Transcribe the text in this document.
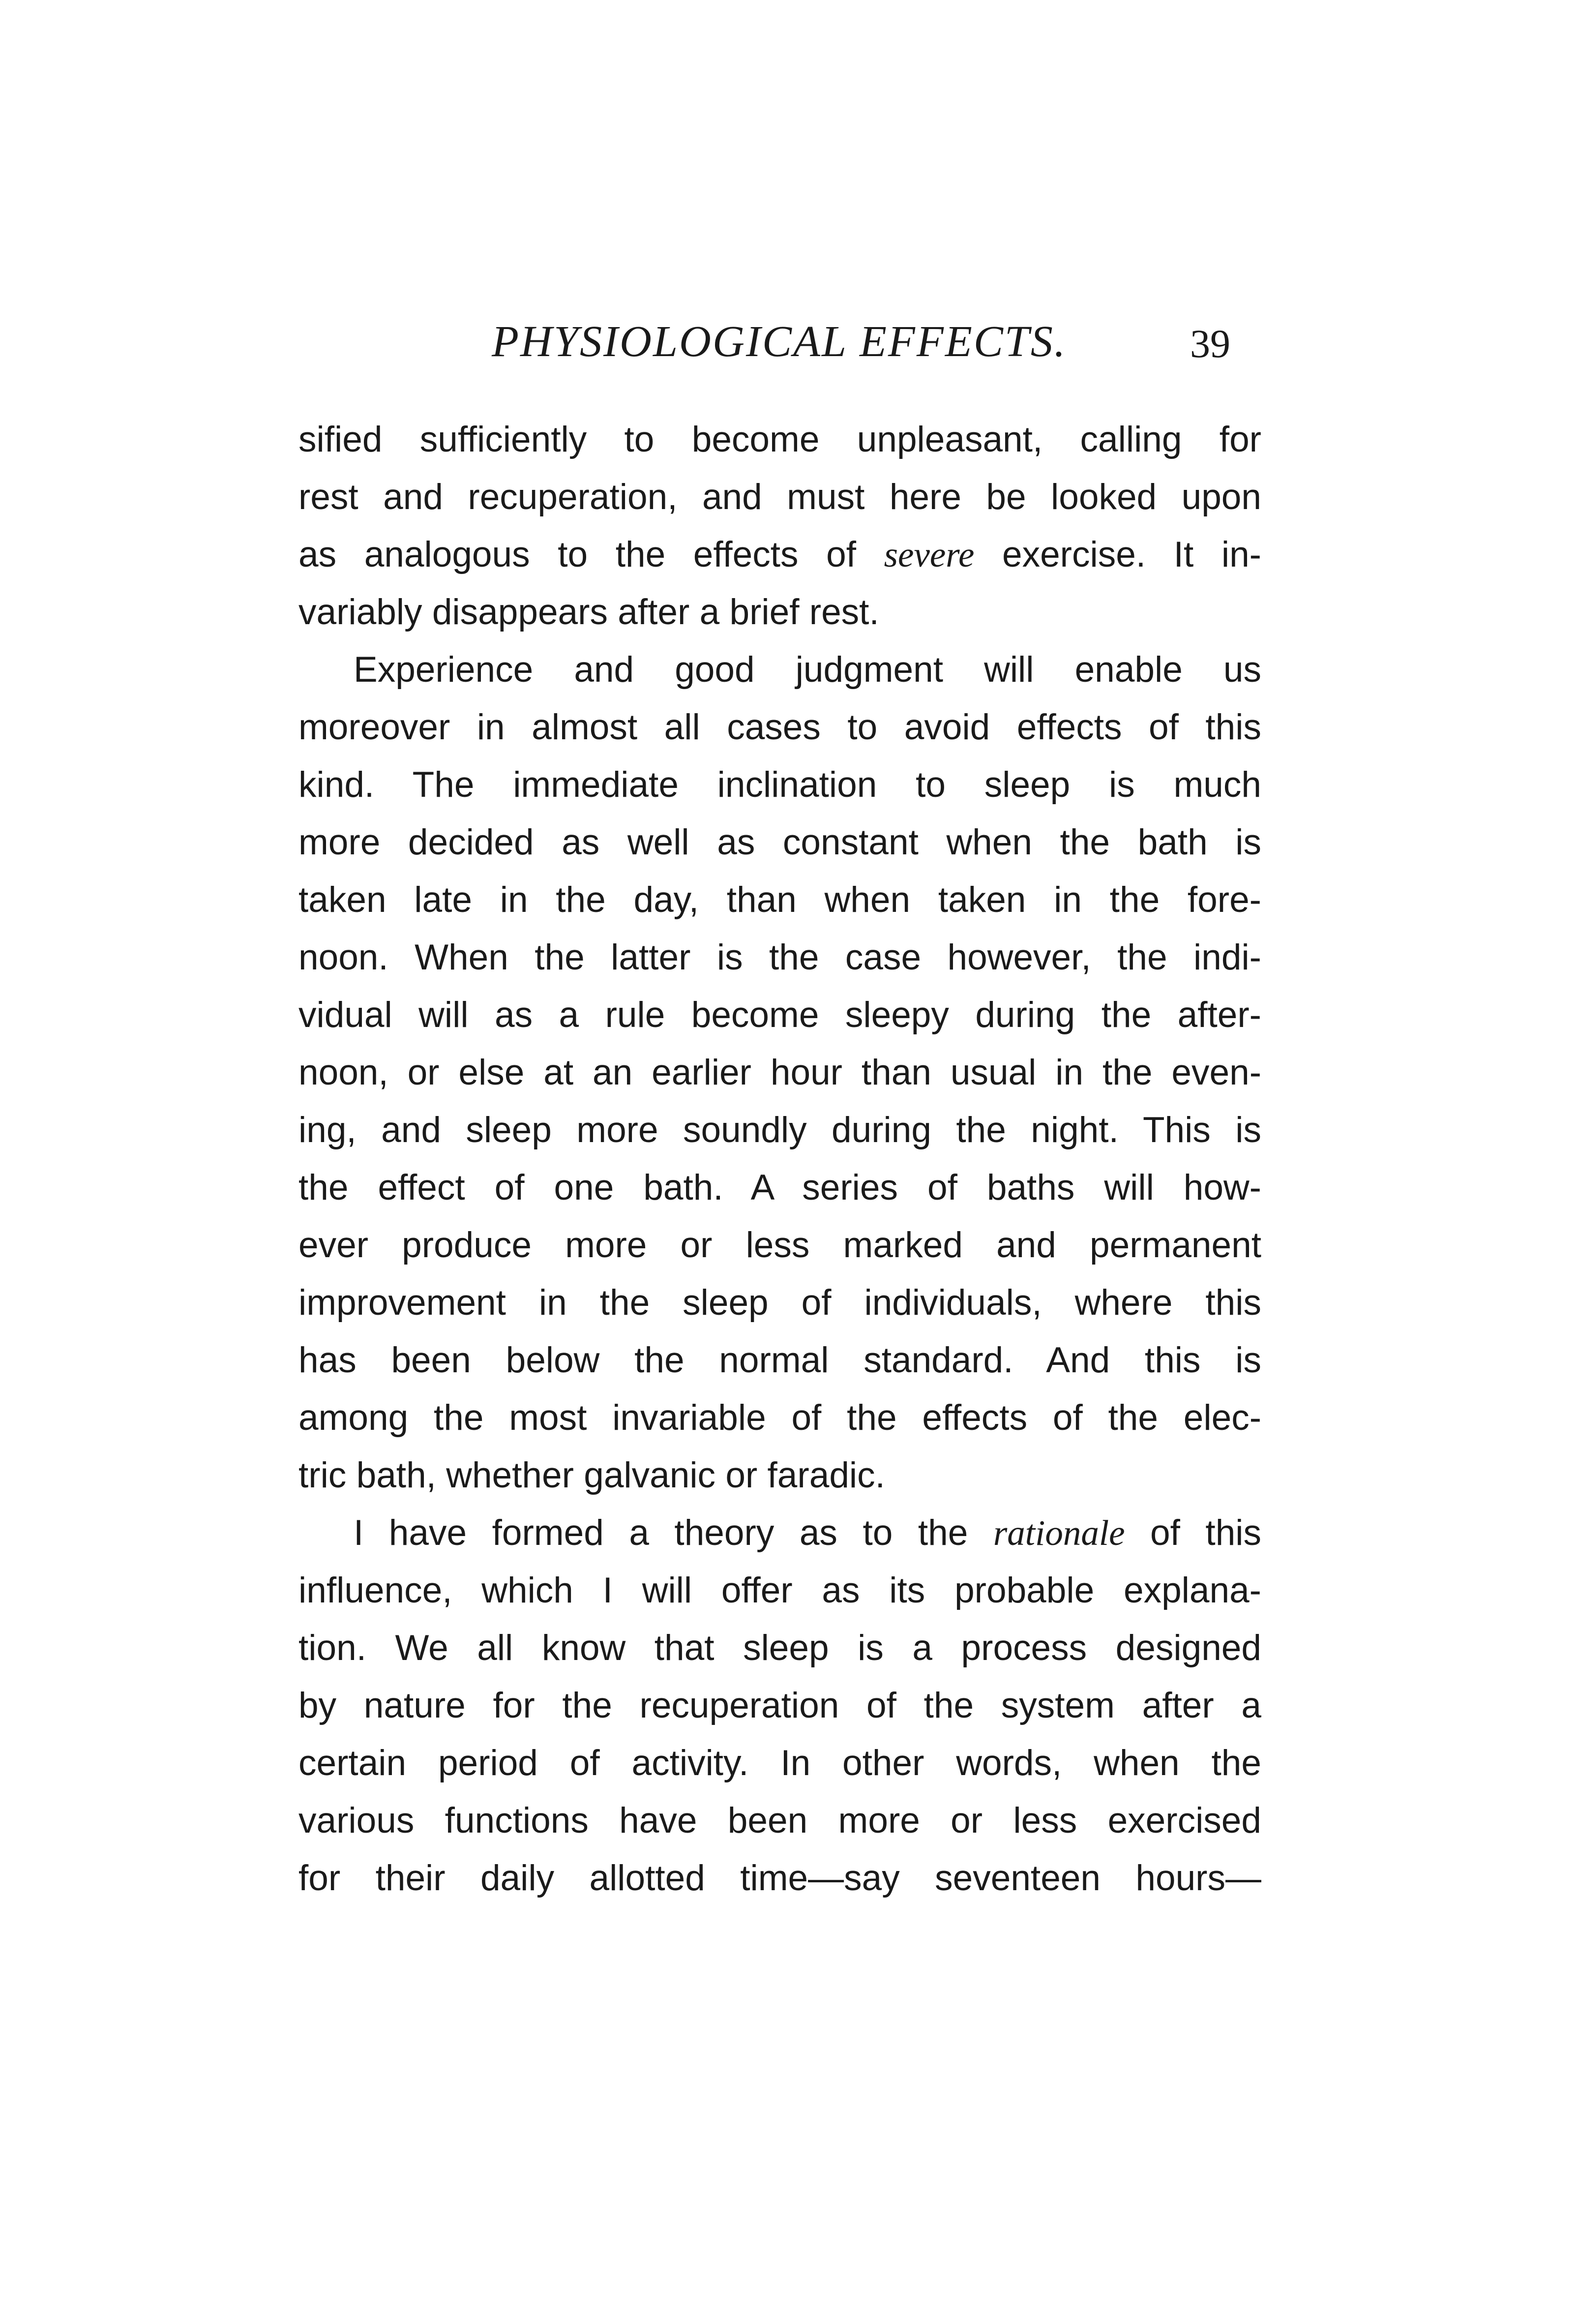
PHYSIOLOGICAL EFFECTS.	39
sified sufficiently to become unpleasant, calling for
rest and recuperation, and must here be looked upon
as analogous to the effects of severe exercise. It in-
variably disappears after a brief rest.
Experience and good judgment will enable us
moreover in almost all cases to avoid effects of this
kind. The immediate inclination to sleep is much
more decided as well as constant when the bath is
taken late in the day, than when taken in the fore-
noon. When the latter is the case however, the indi-
vidual will as a rule become sleepy during the after-
noon, or else at an earlier hour than usual in the even-
ing, and sleep more soundly during the night. This is
the effect of one bath. A series of baths will how-
ever produce more or less marked and permanent
improvement in the sleep of individuals, where this
has been below the normal standard. And this is
among the most invariable of the effects of the elec-
tric bath, whether galvanic or faradic.
I have formed a theory as to the rationale of this
influence, which I will offer as its probable explana-
tion. We all know that sleep is a process designed
by nature for the recuperation of the system after a
certain period of activity. In other words, when the
various functions have been more or less exercised
for their daily allotted time—say seventeen hours—
